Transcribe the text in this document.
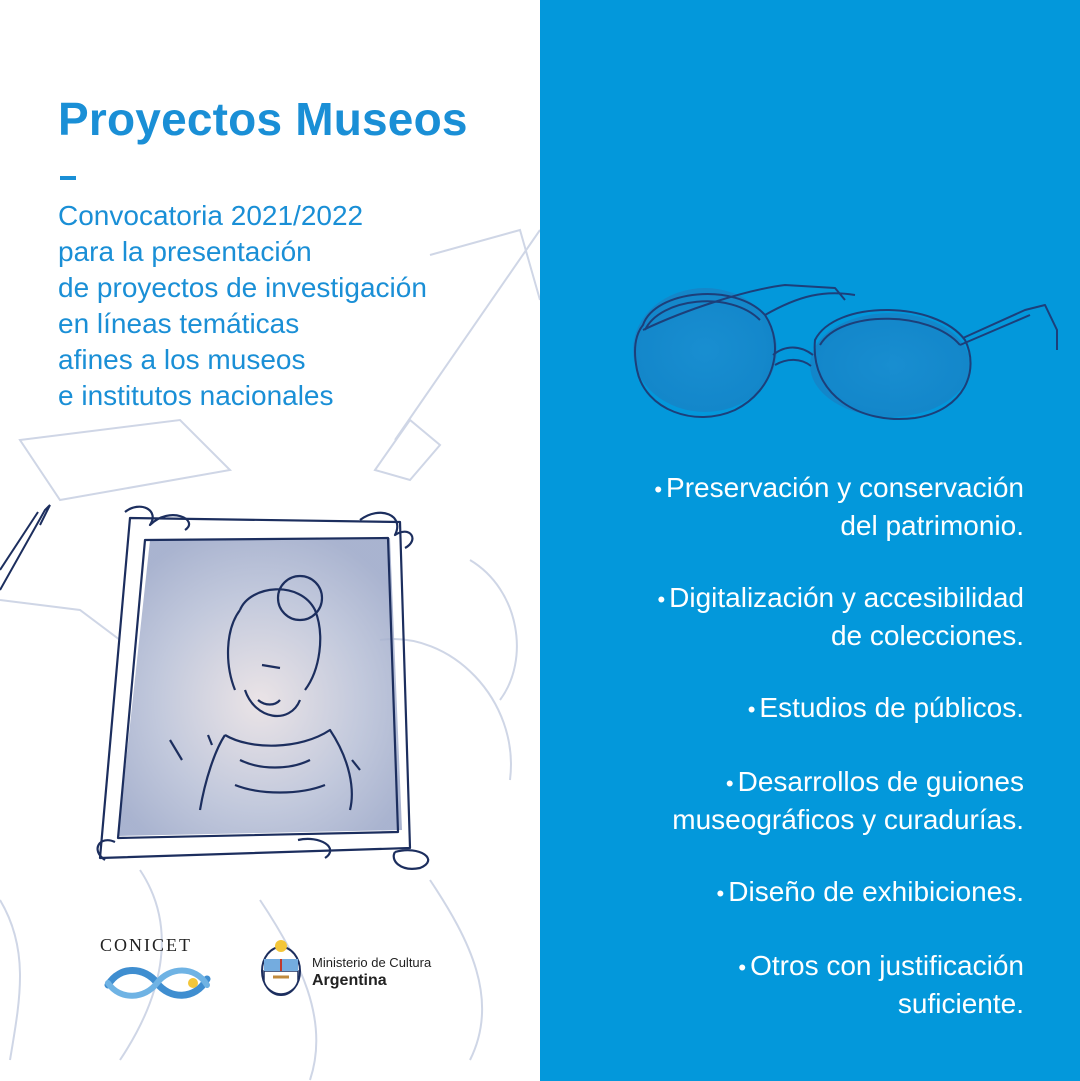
Proyectos Museos
Convocatoria 2021/2022
para la presentación
de proyectos de investigación
en líneas temáticas
afines a los museos
e institutos nacionales
CONICET
Ministerio de Cultura
Argentina
• Preservación y conservación
del patrimonio.
• Digitalización y accesibilidad
de colecciones.
• Estudios de públicos.
• Desarrollos de guiones
museográficos y curadurías.
• Diseño de exhibiciones.
• Otros con justificación
suficiente.
